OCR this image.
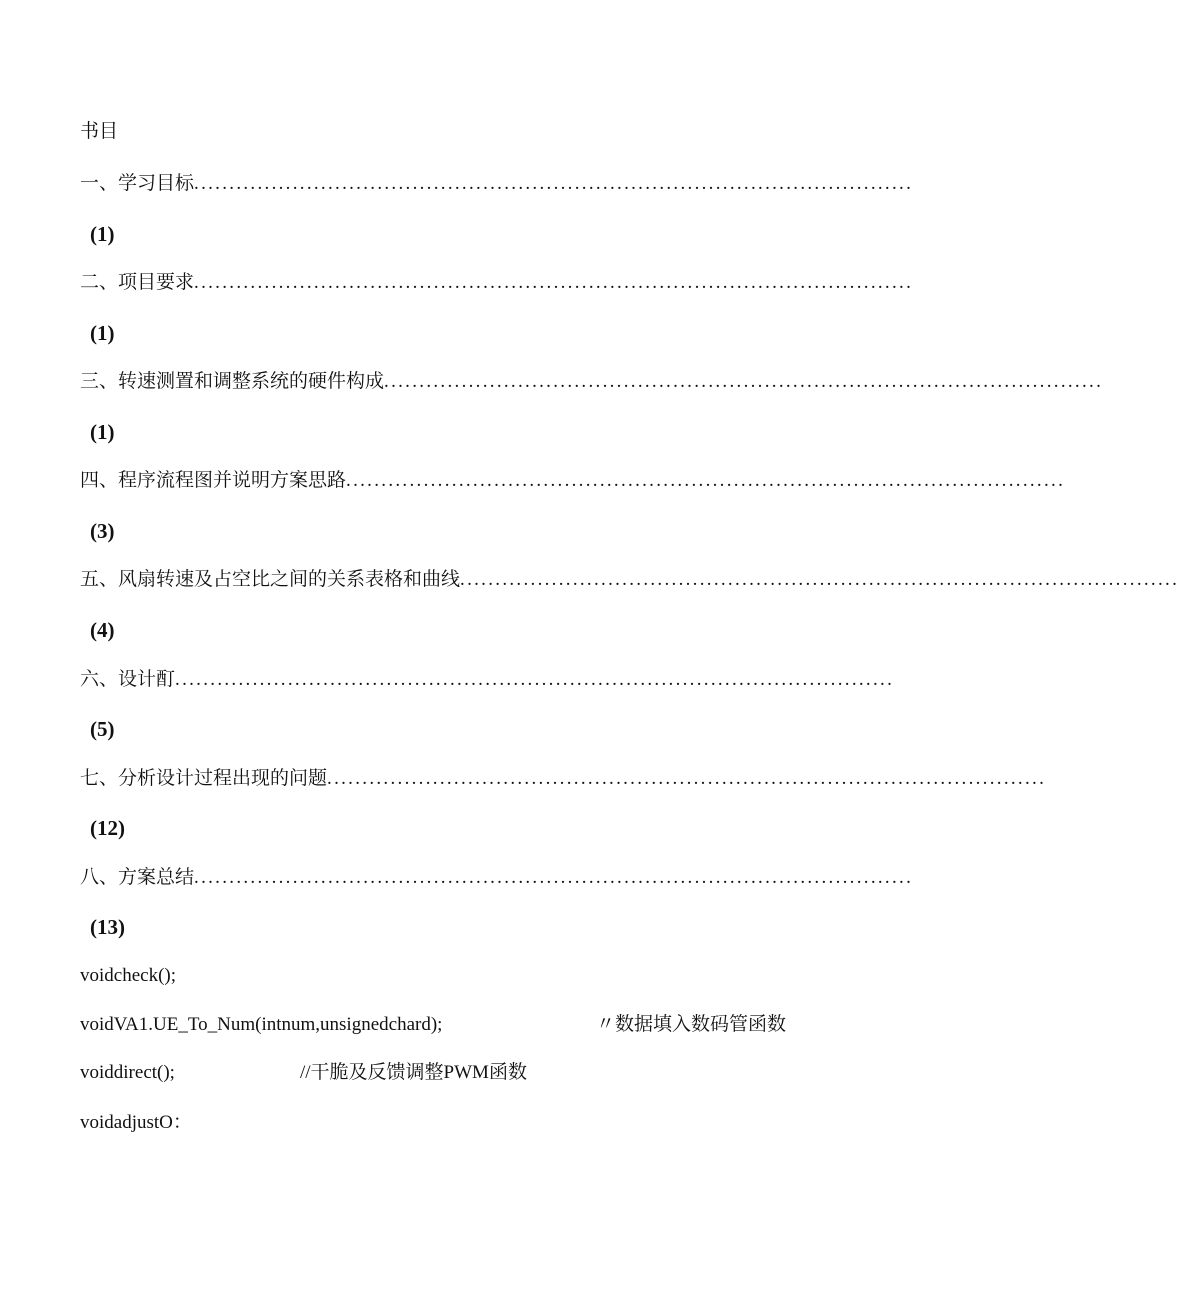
书目
一、学习目标 ......................................................................................................
(1)
二、项目要求 ......................................................................................................
(1)
三、转速测置和调整系统的硬件构成 ......................................................................................................
(1)
四、程序流程图并说明方案思路 ......................................................................................................
(3)
五、风扇转速及占空比之间的关系表格和曲线 ......................................................................................................
(4)
六、设计酊 ......................................................................................................
(5)
七、分析设计过程出现的问题 ......................................................................................................
(12)
八、方案总结 ......................................................................................................
(13)
voidcheck();
voidVA1.UE_To_Num(intnum,unsignedchard);	〃数据填入数码管函数
voiddirect();	//干脆及反馈调整PWM函数
voidadjustO：
